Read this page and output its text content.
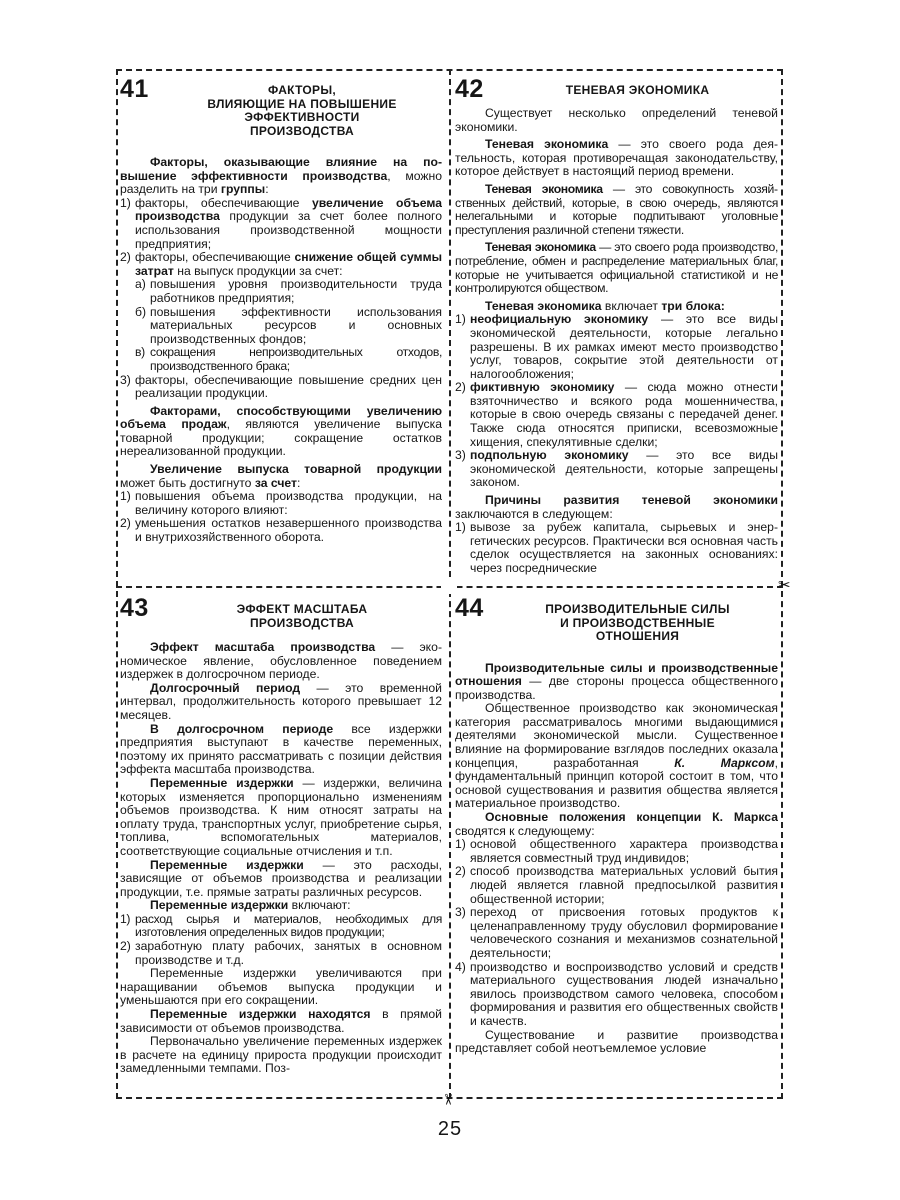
41	ФАКТОРЫ,
ВЛИЯЮЩИЕ НА ПОВЫШЕНИЕ
ЭФФЕКТИВНОСТИ
ПРОИЗВОДСТВА

Факторы, оказывающие влияние на повышение эффективности производства, можно разделить на три группы:

1) факторы, обеспечивающие увеличение объема производства продукции за счет более полного использования производственной мощности предприятия;
2) факторы, обеспечивающие снижение общей суммы затрат на выпуск продукции за счет:
а) повышения уровня производительности труда работников предприятия;
б) повышения эффективности использования материальных ресурсов и основных производственных фондов;
в) сокращения непроизводительных отходов, производственного брака;
3) факторы, обеспечивающие повышение средних цен реализации продукции.

Факторами, способствующими увеличению объема продаж, являются увеличение выпуска товарной продукции; сокращение остатков нереализованной продукции.

Увеличение выпуска товарной продукции может быть достигнуто за счет:

1) повышения объема производства продукции, на величину которого влияют:
2) уменьшения остатков незавершенного производства и внутрихозяйственного оборота.
42	ТЕНЕВАЯ ЭКОНОМИКА

Существует несколько определений теневой экономики.

Теневая экономика — это своего рода деятельность, которая противоречащая законодательству, которое действует в настоящий период времени.

Теневая экономика — это совокупность хозяйственных действий, которые, в свою очередь, являются нелегальными и которые подпитывают уголовные преступления различной степени тяжести.

Теневая экономика — это своего рода производство, потребление, обмен и распределение материальных благ, которые не учитывается официальной статистикой и не контролируются обществом.

Теневая экономика включает три блока:

1) неофициальную экономику — это все виды экономической деятельности, которые легально разрешены. В их рамках имеют место производство услуг, товаров, сокрытие этой деятельности от налогообложения;
2) фиктивную экономику — сюда можно отнести взяточничество и всякого рода мошенничества, которые в свою очередь связаны с передачей денег. Также сюда относятся приписки, всевозможные хищения, спекулятивные сделки;
3) подпольную экономику — это все виды экономической деятельности, которые запрещены законом.

Причины развития теневой экономики заключаются в следующем:

1) вывозе за рубеж капитала, сырьевых и энергетических ресурсов. Практически вся основная часть сделок осуществляется на законных основаниях: через посреднические
43	ЭФФЕКТ МАСШТАБА
ПРОИЗВОДСТВА

Эффект масштаба производства — экономическое явление, обусловленное поведением издержек в долгосрочном периоде.

Долгосрочный период — это временной интервал, продолжительность которого превышает 12 месяцев.

В долгосрочном периоде все издержки предприятия выступают в качестве переменных, поэтому их принято рассматривать с позиции действия эффекта масштаба производства.

Переменные издержки — издержки, величина которых изменяется пропорционально изменениям объемов производства. К ним относят затраты на оплату труда, транспортных услуг, приобретение сырья, топлива, вспомогательных материалов, соответствующие социальные отчисления и т.п.

Переменные издержки — это расходы, зависящие от объемов производства и реализации продукции, т.е. прямые затраты различных ресурсов.

Переменные издержки включают:

1) расход сырья и материалов, необходимых для изготовления определенных видов продукции;
2) заработную плату рабочих, занятых в основном производстве и т.д.

Переменные издержки увеличиваются при наращивании объемов выпуска продукции и уменьшаются при его сокращении.

Переменные издержки находятся в прямой зависимости от объемов производства.

Первоначально увеличение переменных издержек в расчете на единицу прироста продукции происходит замедленными темпами. Поз-

44	ПРОИЗВОДИТЕЛЬНЫЕ СИЛЫ
И ПРОИЗВОДСТВЕННЫЕ
ОТНОШЕНИЯ

Производительные силы и производственные отношения — две стороны процесса общественного производства.

Общественное производство как экономическая категория рассматривалось многими выдающимися деятелями экономической мысли. Существенное влияние на формирование взглядов последних оказала концепция, разработанная К. Марксом, фундаментальный принцип которой состоит в том, что основой существования и развития общества является материальное производство.

Основные положения концепции К. Маркса сводятся к следующему:

1) основой общественного характера производства является совместный труд индивидов;
2) способ производства материальных условий бытия людей является главной предпосылкой развития общественной истории;
3) переход от присвоения готовых продуктов к целенаправленному труду обусловил формирование человеческого сознания и механизмов сознательной деятельности;
4) производство и воспроизводство условий и средств материального существования людей изначально явилось производством самого человека, способом формирования и развития его общественных свойств и качеств.

Существование и развитие производства представляет собой неотъемлемое условие

✂
✂
25
